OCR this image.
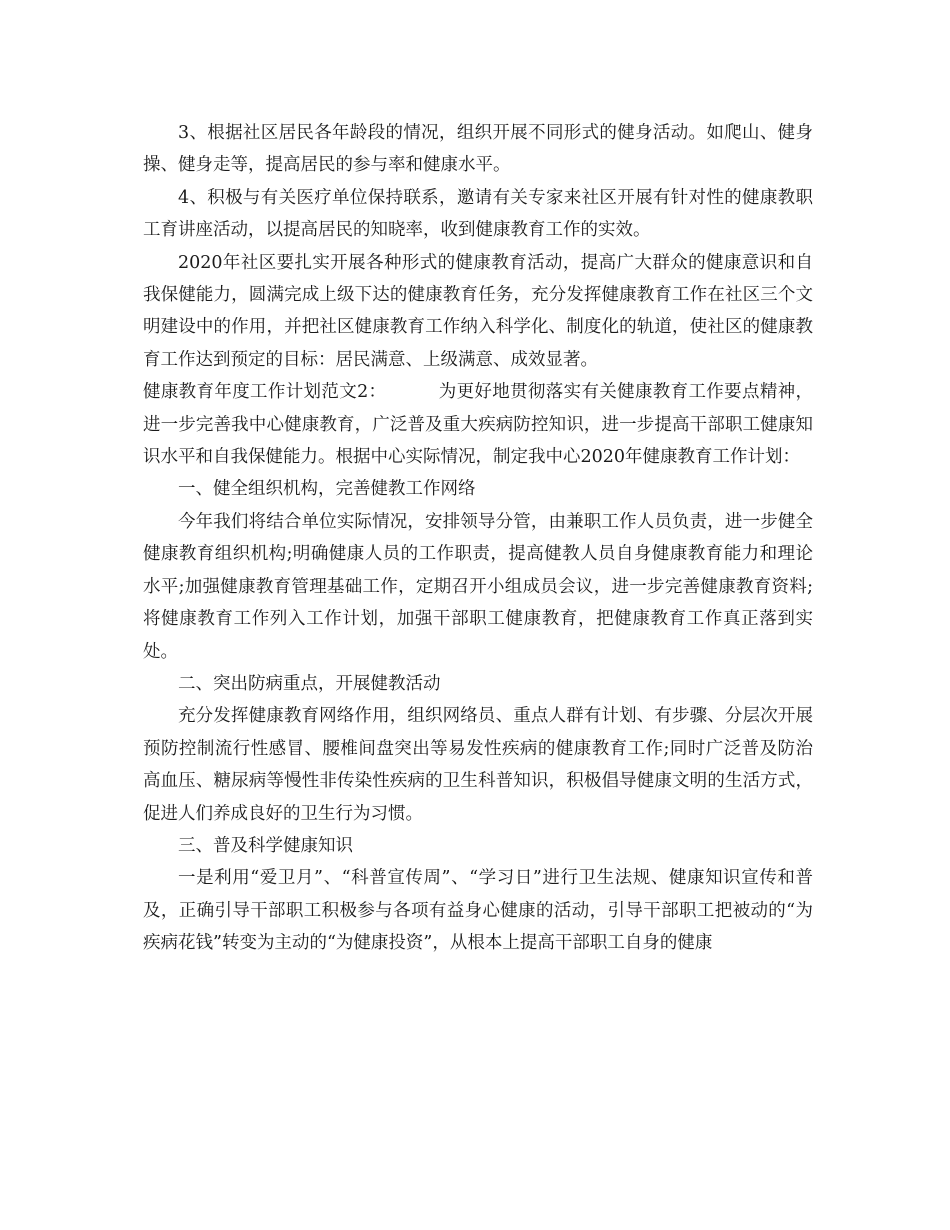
3、根据社区居民各年龄段的情况，组织开展不同形式的健身活动。如爬山、健身操、健身走等，提高居民的参与率和健康水平。

4、积极与有关医疗单位保持联系，邀请有关专家来社区开展有针对性的健康教职工育讲座活动，以提高居民的知晓率，收到健康教育工作的实效。

2020年社区要扎实开展各种形式的健康教育活动，提高广大群众的健康意识和自我保健能力，圆满完成上级下达的健康教育任务，充分发挥健康教育工作在社区三个文明建设中的作用，并把社区健康教育工作纳入科学化、制度化的轨道，使社区的健康教育工作达到预定的目标：居民满意、上级满意、成效显著。

健康教育年度工作计划范文2：	为更好地贯彻落实有关健康教育工作要点精神，进一步完善我中心健康教育，广泛普及重大疾病防控知识，进一步提高干部职工健康知识水平和自我保健能力。根据中心实际情况，制定我中心2020年健康教育工作计划：

一、健全组织机构，完善健教工作网络

今年我们将结合单位实际情况，安排领导分管，由兼职工作人员负责，进一步健全健康教育组织机构;明确健康人员的工作职责，提高健教人员自身健康教育能力和理论水平;加强健康教育管理基础工作，定期召开小组成员会议，进一步完善健康教育资料;将健康教育工作列入工作计划，加强干部职工健康教育，把健康教育工作真正落到实处。

二、突出防病重点，开展健教活动

充分发挥健康教育网络作用，组织网络员、重点人群有计划、有步骤、分层次开展预防控制流行性感冒、腰椎间盘突出等易发性疾病的健康教育工作;同时广泛普及防治高血压、糖尿病等慢性非传染性疾病的卫生科普知识，积极倡导健康文明的生活方式，促进人们养成良好的卫生行为习惯。

三、普及科学健康知识

一是利用“爱卫月”、“科普宣传周”、“学习日”进行卫生法规、健康知识宣传和普及，正确引导干部职工积极参与各项有益身心健康的活动，引导干部职工把被动的“为疾病花钱”转变为主动的“为健康投资”，从根本上提高干部职工自身的健康
